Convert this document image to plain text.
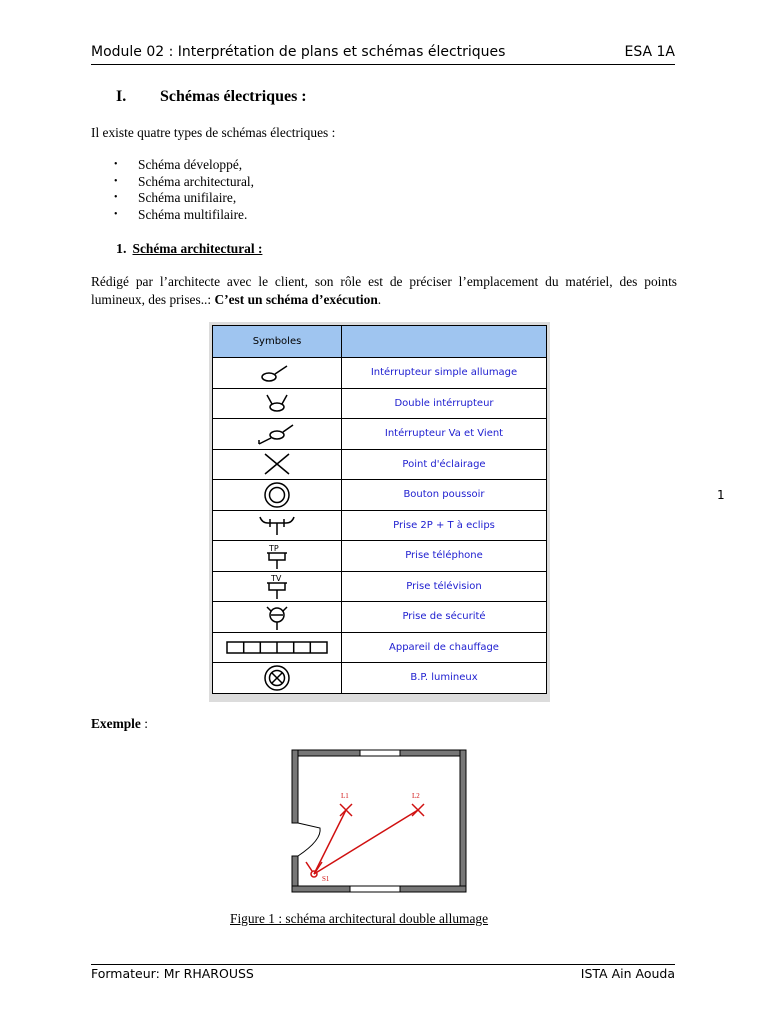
Module 02 : Interprétation de plans et schémas électriques	ESA 1A
I. Schémas électriques :
Il existe quatre types de schémas électriques :
• Schéma développé,
• Schéma architectural,
• Schéma unifilaire,
• Schéma multifilaire.
1. Schéma architectural :
Rédigé par l’architecte avec le client, son rôle est de préciser l’emplacement du matériel, des points lumineux, des prises..: C’est un schéma d’exécution.
Symboles	

	Intérrupteur simple allumage

	Double intérrupteur

	Intérrupteur Va et Vient

	Point d'éclairage

	Bouton poussoir

	Prise 2P + T à eclips

TP	Prise téléphone

TV	Prise télévision

	Prise de sécurité

	Appareil de chauffage

	B.P. lumineux
1
Exemple :
L1	L2
S1
Figure 1 : schéma architectural double allumage
Formateur: Mr RHAROUSS	ISTA Ain Aouda
